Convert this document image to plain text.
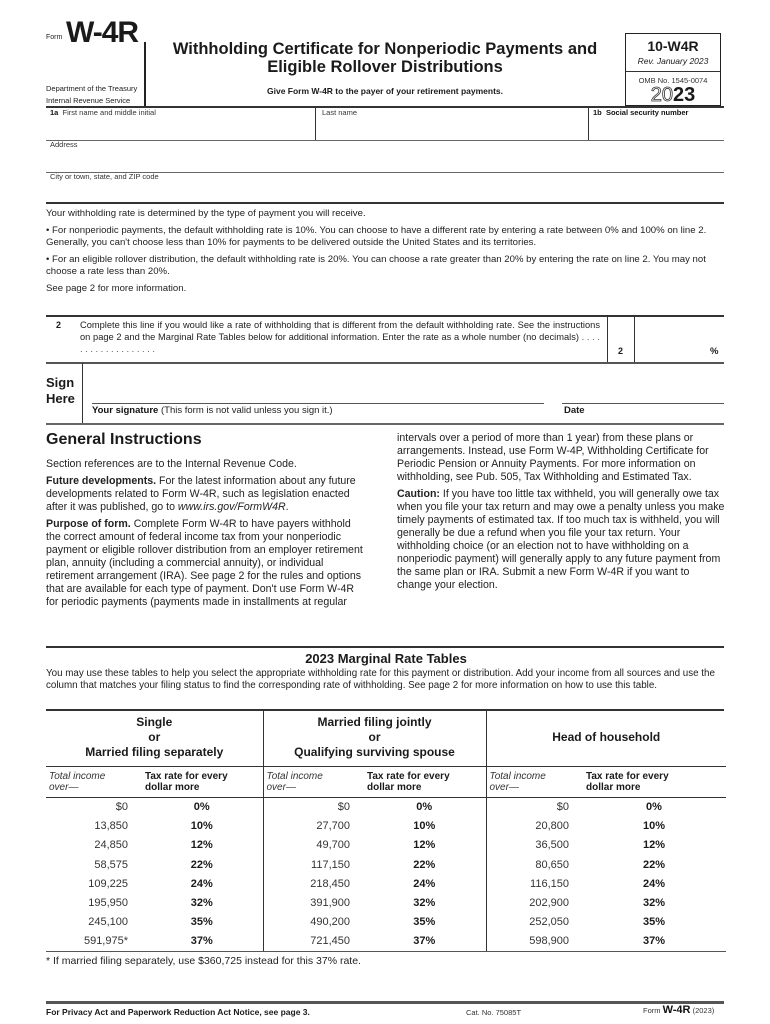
Form W-4R
Department of the Treasury
Internal Revenue Service
Withholding Certificate for Nonperiodic Payments and
Eligible Rollover Distributions
Give Form W-4R to the payer of your retirement payments.
10-W4R
Rev. January 2023
OMB No. 1545-0074
2023
1a First name and middle initial	Last name	1b Social security number
Address
City or town, state, and ZIP code

Your withholding rate is determined by the type of payment you will receive.

• For nonperiodic payments, the default withholding rate is 10%. You can choose to have a different rate by entering a rate between 0% and 100% on line 2. Generally, you can't choose less than 10% for payments to be delivered outside the United States and its territories.

• For an eligible rollover distribution, the default withholding rate is 20%. You can choose a rate greater than 20% by entering the rate on line 2. You may not choose a rate less than 20%.

See page 2 for more information.

2 Complete this line if you would like a rate of withholding that is different from the default withholding rate. See the instructions on page 2 and the Marginal Rate Tables below for additional information. Enter the rate as a whole number (no decimals) . . . . . . . . . . . . . . . . . . .	2	%
Sign
Here
Your signature (This form is not valid unless you sign it.)	Date
General Instructions

Section references are to the Internal Revenue Code.

Future developments. For the latest information about any future developments related to Form W-4R, such as legislation enacted after it was published, go to www.irs.gov/FormW4R.

Purpose of form. Complete Form W-4R to have payers withhold the correct amount of federal income tax from your nonperiodic payment or eligible rollover distribution from an employer retirement plan, annuity (including a commercial annuity), or individual retirement arrangement (IRA). See page 2 for the rules and options that are available for each type of payment. Don't use Form W-4R for periodic payments (payments made in installments at regular

intervals over a period of more than 1 year) from these plans or arrangements. Instead, use Form W-4P, Withholding Certificate for Periodic Pension or Annuity Payments. For more information on withholding, see Pub. 505, Tax Withholding and Estimated Tax.

Caution: If you have too little tax withheld, you will generally owe tax when you file your tax return and may owe a penalty unless you make timely payments of estimated tax. If too much tax is withheld, you will generally be due a refund when you file your tax return. Your withholding choice (or an election not to have withholding on a nonperiodic payment) will generally apply to any future payment from the same plan or IRA. Submit a new Form W-4R if you want to change your election.

2023 Marginal Rate Tables
You may use these tables to help you select the appropriate withholding rate for this payment or distribution. Add your income from all sources and use the column that matches your filing status to find the corresponding rate of withholding. See page 2 for more information on how to use this table.
Single
or
Married filing separately

Married filing jointly
or
Qualifying surviving spouse

Head of household

Total income
over—

Tax rate for every
dollar more

Total income
over—

Tax rate for every
dollar more

Total income
over—

Tax rate for every
dollar more

$0	0%	$0	0%	$0	0%
13,850	10%	27,700	10%	20,800	10%
24,850	12%	49,700	12%	36,500	12%
58,575	22%	117,150	22%	80,650	22%
109,225	24%	218,450	24%	116,150	24%
195,950	32%	391,900	32%	202,900	32%
245,100	35%	490,200	35%	252,050	35%
591,975*	37%	721,450	37%	598,900	37%
* If married filing separately, use $360,725 instead for this 37% rate.
For Privacy Act and Paperwork Reduction Act Notice, see page 3.	Cat. No. 75085T	Form W-4R (2023)
